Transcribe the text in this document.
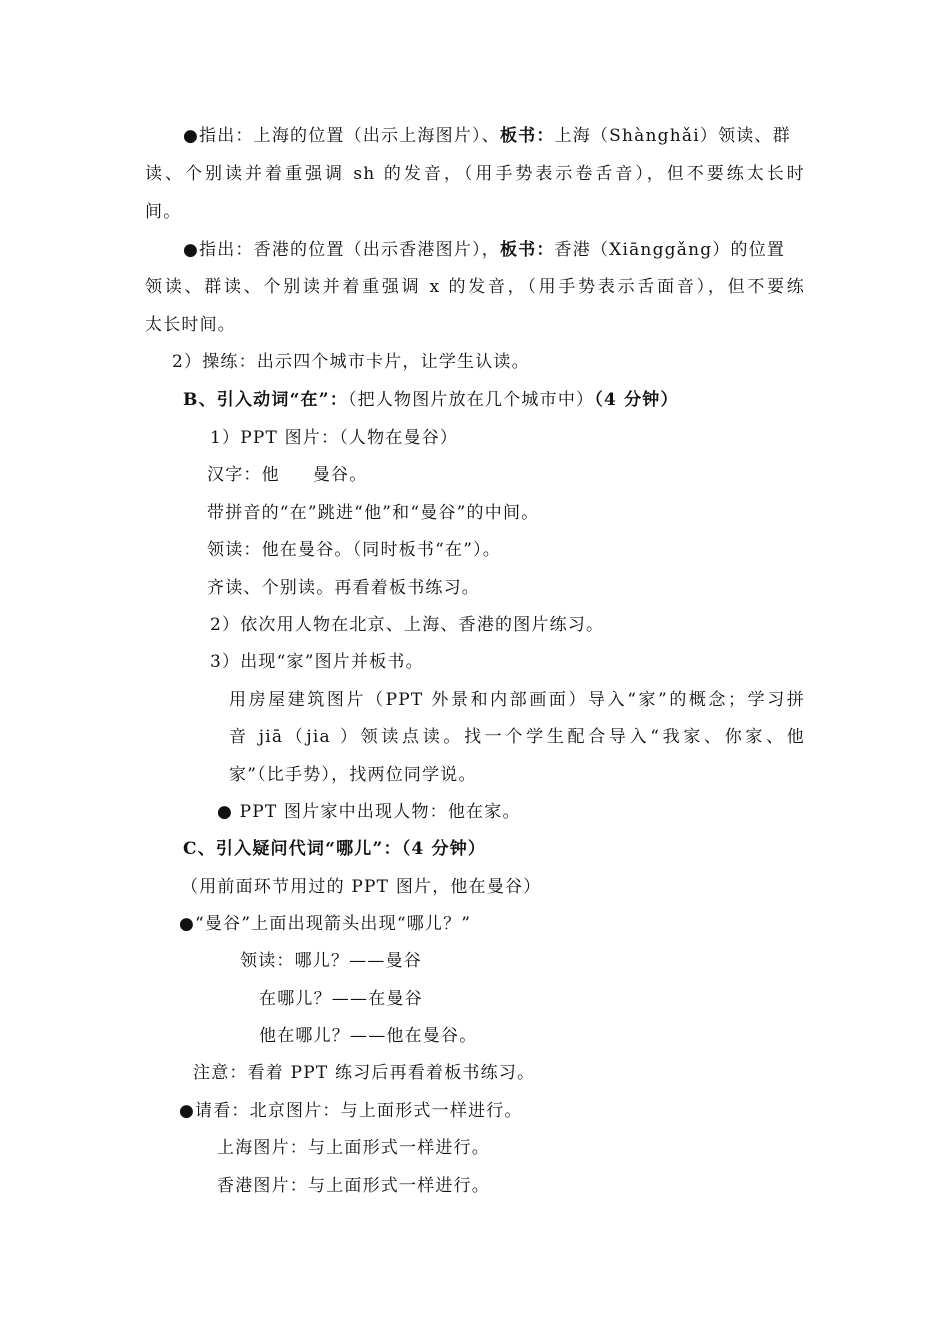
●指出：上海的位置（出示上海图片）、板书：上海（Shànghǎi）领读、群
读、个别读并着重强调 sh 的发音，（用手势表示卷舌音），但不要练太长时
间。
●指出：香港的位置（出示香港图片），板书：香港（Xiānggǎng）的位置
领读、群读、个别读并着重强调 x 的发音，（用手势表示舌面音），但不要练
太长时间。
2）操练：出示四个城市卡片，让学生认读。
B、引入动词“在”：（把人物图片放在几个城市中）（4 分钟）
1）PPT 图片：（人物在曼谷）
汉字：他     曼谷。
带拼音的“在”跳进“他”和“曼谷”的中间。
领读：他在曼谷。（同时板书“在”）。
齐读、个别读。再看着板书练习。
2）依次用人物在北京、上海、香港的图片练习。
3）出现“家”图片并板书。
用房屋建筑图片（PPT 外景和内部画面）导入“家”的概念；学习拼
音 jiā（jia ）领读点读。找一个学生配合导入“我家、你家、他
家”（比手势），找两位同学说。
● PPT 图片家中出现人物：他在家。
C、引入疑问代词“哪儿”：（4 分钟）
（用前面环节用过的 PPT 图片，他在曼谷）
●“曼谷”上面出现箭头出现“哪儿？”
领读：哪儿？——曼谷
在哪儿？——在曼谷
他在哪儿？——他在曼谷。
注意：看着 PPT 练习后再看着板书练习。
●请看：北京图片：与上面形式一样进行。
上海图片：与上面形式一样进行。
香港图片：与上面形式一样进行。
